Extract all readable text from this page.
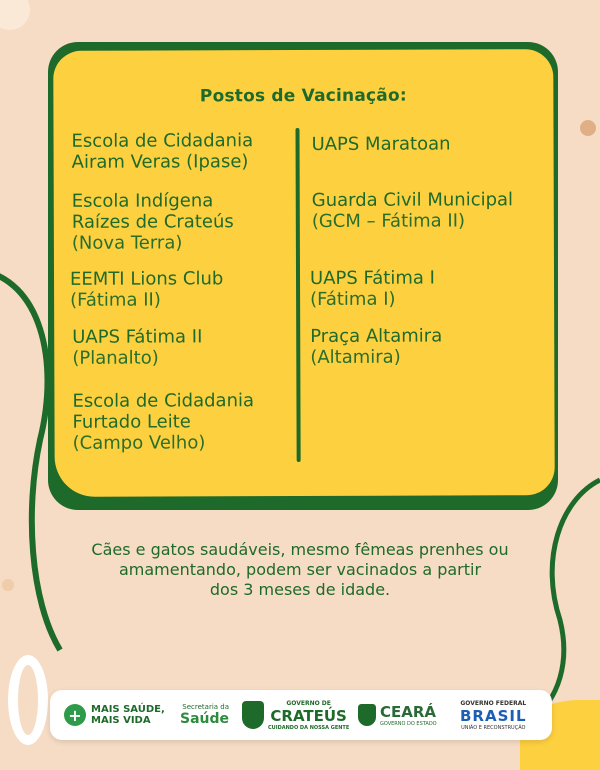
Postos de Vacinação:
Escola de Cidadania
Airam Veras (Ipase)
Escola Indígena
Raízes de Crateús
(Nova Terra)
EEMTI Lions Club
(Fátima II)
UAPS Fátima II
(Planalto)
Escola de Cidadania
Furtado Leite
(Campo Velho)
UAPS Maratoan
Guarda Civil Municipal
(GCM – Fátima II)
UAPS Fátima I
(Fátima I)
Praça Altamira
(Altamira)
Cães e gatos saudáveis, mesmo fêmeas prenhes ou
amamentando, podem ser vacinados a partir
dos 3 meses de idade.
+ MAIS SAÚDE,
MAIS VIDA
Secretaria da
Saúde
GOVERNO DE
CRATEÚS
CUIDANDO DA NOSSA GENTE
CEARÁ
GOVERNO DO ESTADO
GOVERNO FEDERAL
BRASIL
UNIÃO E RECONSTRUÇÃO
